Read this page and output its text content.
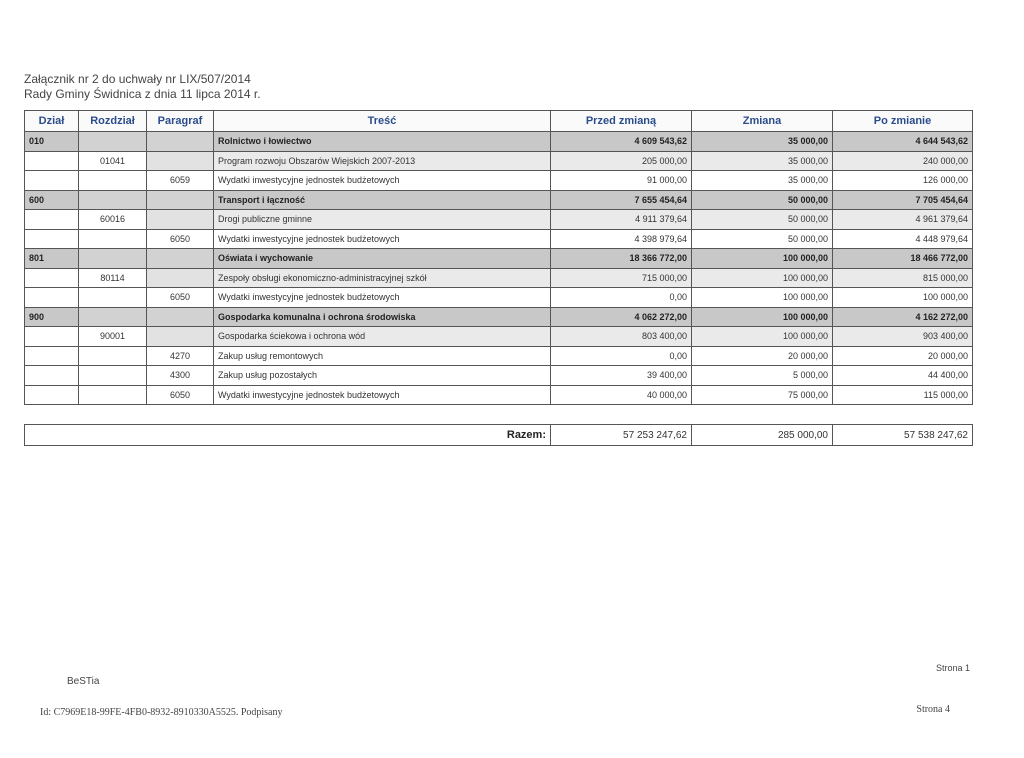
Załącznik nr 2 do uchwały nr LIX/507/2014
Rady Gminy Świdnica z dnia 11 lipca 2014 r.
Dział	Rozdział	Paragraf	Treść	Przed zmianą	Zmiana	Po zmianie
010			Rolnictwo i łowiectwo	4 609 543,62	35 000,00	4 644 543,62
	01041		Program rozwoju Obszarów Wiejskich 2007-2013	205 000,00	35 000,00	240 000,00
		6059	Wydatki inwestycyjne jednostek budżetowych	91 000,00	35 000,00	126 000,00
600			Transport i łączność	7 655 454,64	50 000,00	7 705 454,64
	60016		Drogi publiczne gminne	4 911 379,64	50 000,00	4 961 379,64
		6050	Wydatki inwestycyjne jednostek budżetowych	4 398 979,64	50 000,00	4 448 979,64
801			Oświata i wychowanie	18 366 772,00	100 000,00	18 466 772,00
	80114		Zespoły obsługi ekonomiczno-administracyjnej szkół	715 000,00	100 000,00	815 000,00
		6050	Wydatki inwestycyjne jednostek budżetowych	0,00	100 000,00	100 000,00
900			Gospodarka komunalna i ochrona środowiska	4 062 272,00	100 000,00	4 162 272,00
	90001		Gospodarka ściekowa i ochrona wód	803 400,00	100 000,00	903 400,00
		4270	Zakup usług remontowych	0,00	20 000,00	20 000,00
		4300	Zakup usług pozostałych	39 400,00	5 000,00	44 400,00
		6050	Wydatki inwestycyjne jednostek budżetowych	40 000,00	75 000,00	115 000,00
Razem:	57 253 247,62	285 000,00	57 538 247,62
BeSTia
Id: C7969E18-99FE-4FB0-8932-8910330A5525. Podpisany
Strona 1
Strona 4
